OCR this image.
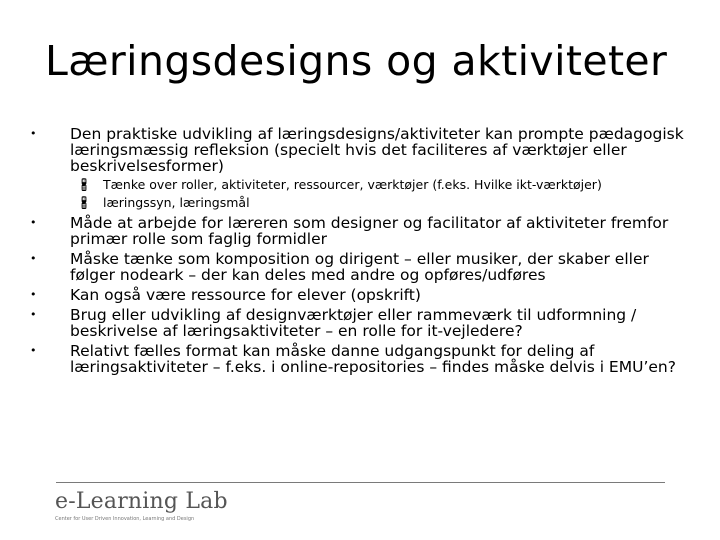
Læringsdesigns og aktiviteter
•	Den praktiske udvikling af læringsdesigns/aktiviteter kan prompte pædagogisk læringsmæssig refleksion (specielt hvis det faciliteres af værktøjer eller beskrivelsesformer)
🖁 Tænke over roller, aktiviteter, ressourcer, værktøjer (f.eks. Hvilke ikt-værktøjer)
🖁 læringssyn, læringsmål
•	Måde at arbejde for læreren som designer og facilitator af aktiviteter fremfor primær rolle som faglig formidler
•	Måske tænke som komposition og dirigent – eller musiker, der skaber eller følger nodeark – der kan deles med andre og opføres/udføres
•	Kan også være ressource for elever (opskrift)
•	Brug eller udvikling af designværktøjer eller rammeværk til udformning / beskrivelse af læringsaktiviteter – en rolle for it-vejledere?
•	Relativt fælles format kan måske danne udgangspunkt for deling af læringsaktiviteter – f.eks. i online-repositories – findes måske delvis i EMU’en?
e-Learning Lab
Center for User Driven Innovation, Learning and Design
